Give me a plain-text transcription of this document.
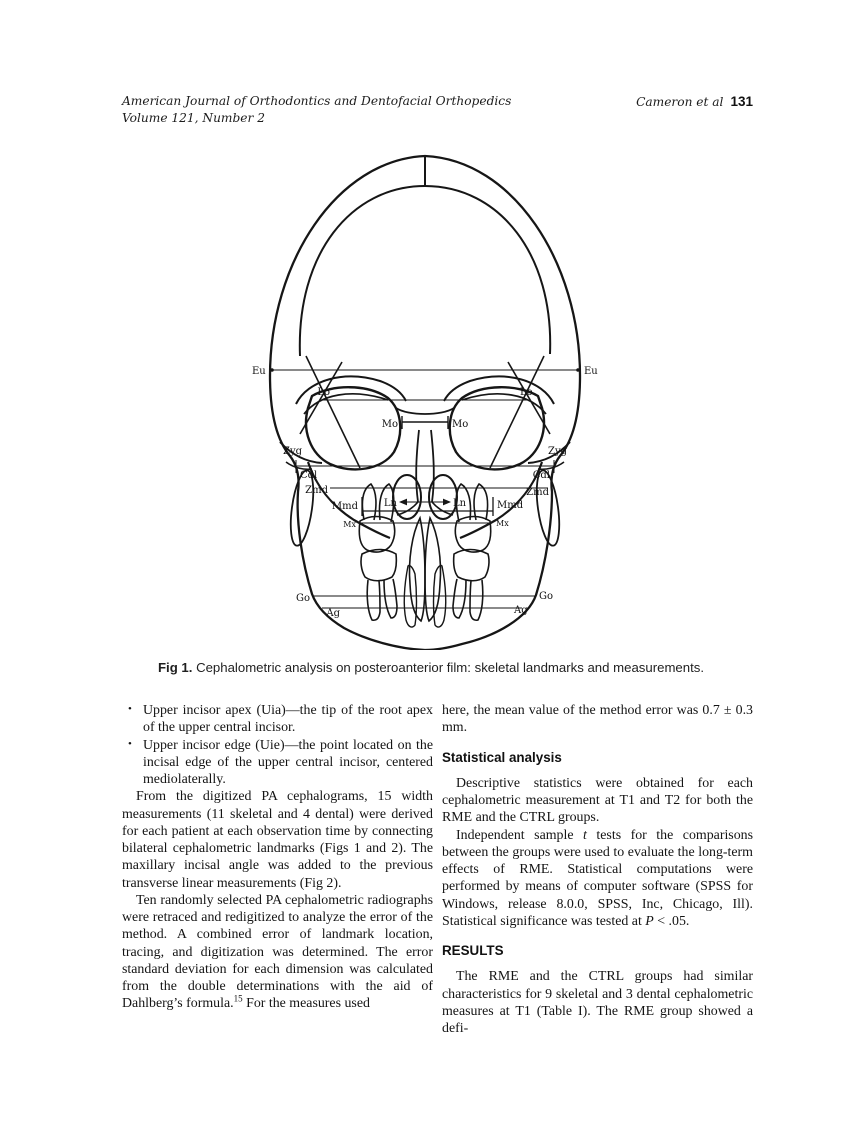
American Journal of Orthodontics and Dentofacial Orthopedics
Volume 121, Number 2
Cameron et al 131
Eu	Eu
Lo	Lo
Mo	Mo
Zyg	Zyg
Cdl	Cdl
Zmd	Zmd
Mmd	Mmd
Ln	Ln
Mx	Mx
Go	Go
Ag	Ag
Fig 1. Cephalometric analysis on posteroanterior film: skeletal landmarks and measurements.
• Upper incisor apex (Uia)—the tip of the root apex of the upper central incisor.
• Upper incisor edge (Uie)—the point located on the incisal edge of the upper central incisor, centered mediolaterally.

From the digitized PA cephalograms, 15 width measurements (11 skeletal and 4 dental) were derived for each patient at each observation time by connecting bilateral cephalometric landmarks (Figs 1 and 2). The maxillary incisal angle was added to the previous transverse linear measurements (Fig 2).

Ten randomly selected PA cephalometric radiographs were retraced and redigitized to analyze the error of the method. A combined error of landmark location, tracing, and digitization was determined. The error standard deviation for each dimension was calculated from the double determinations with the aid of Dahlberg’s formula.$^{15}$ For the measures used

here, the mean value of the method error was 0.7 ± 0.3 mm.

Statistical analysis

Descriptive statistics were obtained for each cephalometric measurement at T1 and T2 for both the RME and the CTRL groups.

Independent sample t tests for the comparisons between the groups were used to evaluate the long-term effects of RME. Statistical computations were performed by means of computer software (SPSS for Windows, release 8.0.0, SPSS, Inc, Chicago, Ill). Statistical significance was tested at P < .05.

RESULTS

The RME and the CTRL groups had similar characteristics for 9 skeletal and 3 dental cephalometric measures at T1 (Table I). The RME group showed a defi-
